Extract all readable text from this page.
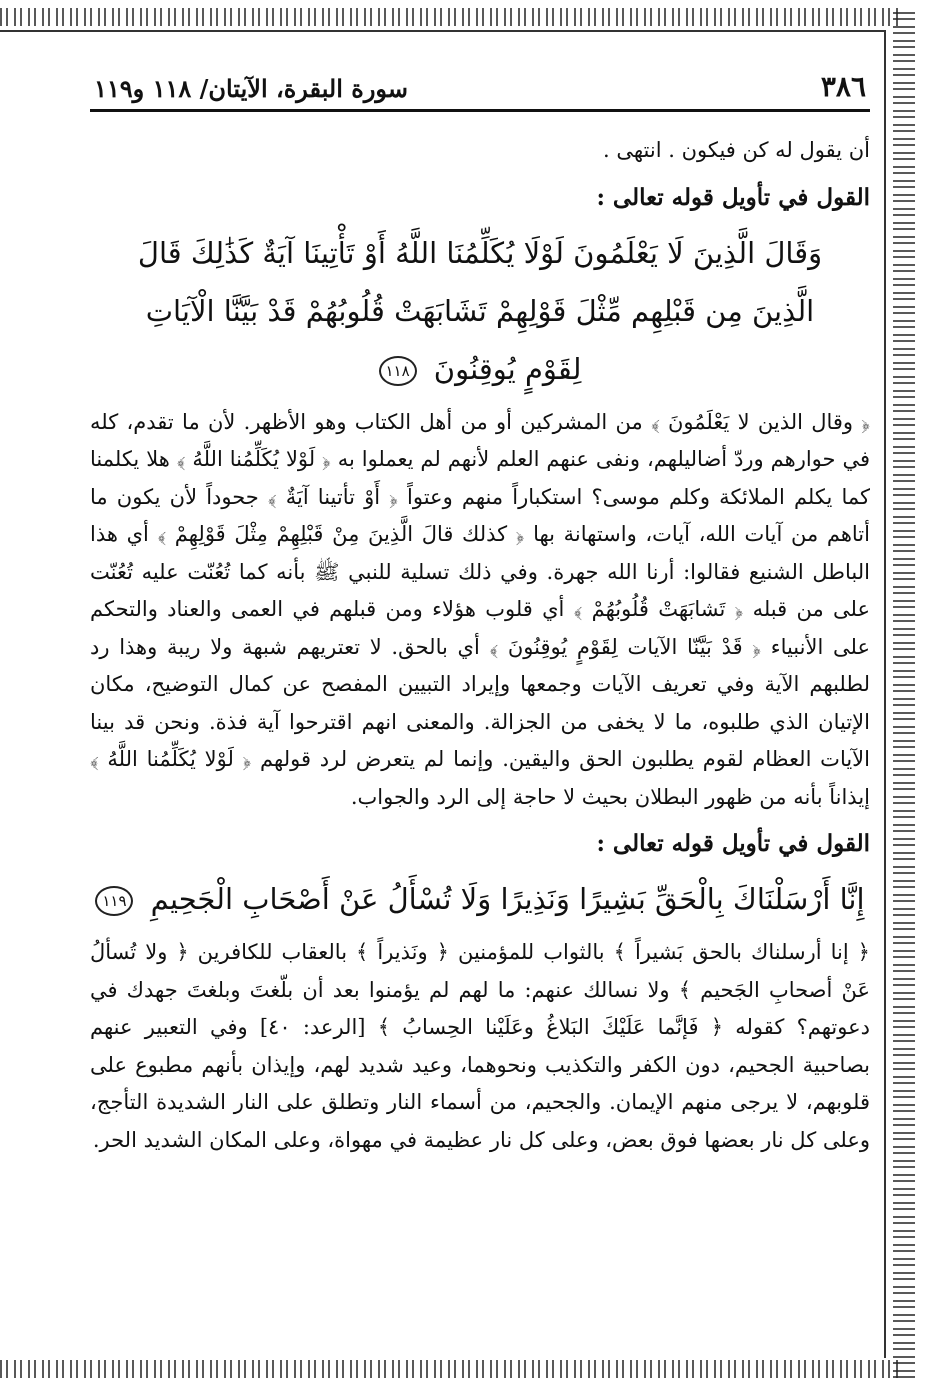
٣٨٦
سورة البقرة، الآيتان/ ١١٨ و١١٩

أن يقول له كن فيكون . انتهى .

القول في تأويل قوله تعالى :

وَقَالَ الَّذِينَ لَا يَعْلَمُونَ لَوْلَا يُكَلِّمُنَا اللَّهُ أَوْ تَأْتِينَا آيَةٌ كَذَٰلِكَ قَالَ
الَّذِينَ مِن قَبْلِهِم مِّثْلَ قَوْلِهِمْ تَشَابَهَتْ قُلُوبُهُمْ قَدْ بَيَّنَّا الْآيَاتِ
لِقَوْمٍ يُوقِنُونَ ١١٨

﴿ وقال الذين لا يَعْلَمُونَ ﴾ من المشركين أو من أهل الكتاب وهو الأظهر. لأن ما تقدم، كله في حوارهم وردّ أضاليلهم، ونفى عنهم العلم لأنهم لم يعملوا به ﴿ لَوْلا يُكَلِّمُنا اللَّهُ ﴾ هلا يكلمنا كما يكلم الملائكة وكلم موسى؟ استكباراً منهم وعتواً ﴿ أَوْ تأتينا آيَةٌ ﴾ جحوداً لأن يكون ما أتاهم من آيات الله، آيات، واستهانة بها ﴿ كذلك قالَ الَّذِينَ مِنْ قَبْلِهِمْ مِثْلَ قَوْلِهِمْ ﴾ أي هذا الباطل الشنيع فقالوا: أرنا الله جهرة. وفي ذلك تسلية للنبي ﷺ بأنه كما تُعُنّت عليه تُعُنّت على من قبله ﴿ تَشابَهَتْ قُلُوبُهُمْ ﴾ أي قلوب هؤلاء ومن قبلهم في العمى والعناد والتحكم على الأنبياء ﴿ قَدْ بَيَّنّا الآيات لِقَوْمٍ يُوقِنُونَ ﴾ أي بالحق. لا تعتريهم شبهة ولا ريبة وهذا رد لطلبهم الآية وفي تعريف الآيات وجمعها وإيراد التبيين المفصح عن كمال التوضيح، مكان الإتيان الذي طلبوه، ما لا يخفى من الجزالة. والمعنى انهم اقترحوا آية فذة. ونحن قد بينا الآيات العظام لقوم يطلبون الحق واليقين. وإنما لم يتعرض لرد قولهم ﴿ لَوْلا يُكَلِّمُنا اللَّهُ ﴾ إيذاناً بأنه من ظهور البطلان بحيث لا حاجة إلى الرد والجواب.

القول في تأويل قوله تعالى :

إِنَّا أَرْسَلْنَاكَ بِالْحَقِّ بَشِيرًا وَنَذِيرًا وَلَا تُسْأَلُ عَنْ أَصْحَابِ الْجَحِيمِ ١١٩

﴿ إنا أرسلناك بالحق بَشيراً ﴾ بالثواب للمؤمنين ﴿ ونَذيراً ﴾ بالعقاب للكافرين ﴿ ولا تُسألُ عَنْ أصحابِ الجَحيم ﴾ ولا نسالك عنهم: ما لهم لم يؤمنوا بعد أن بلّغتَ وبلغتَ جهدك في دعوتهم؟ كقوله ﴿ فَإنَّما عَلَيْكَ البَلاغُ وعَلَيْنا الحِسابُ ﴾ [الرعد: ٤٠] وفي التعبير عنهم بصاحبية الجحيم، دون الكفر والتكذيب ونحوهما، وعيد شديد لهم، وإيذان بأنهم مطبوع على قلوبهم، لا يرجى منهم الإيمان. والجحيم، من أسماء النار وتطلق على النار الشديدة التأجج، وعلى كل نار بعضها فوق بعض، وعلى كل نار عظيمة في مهواة، وعلى المكان الشديد الحر.
